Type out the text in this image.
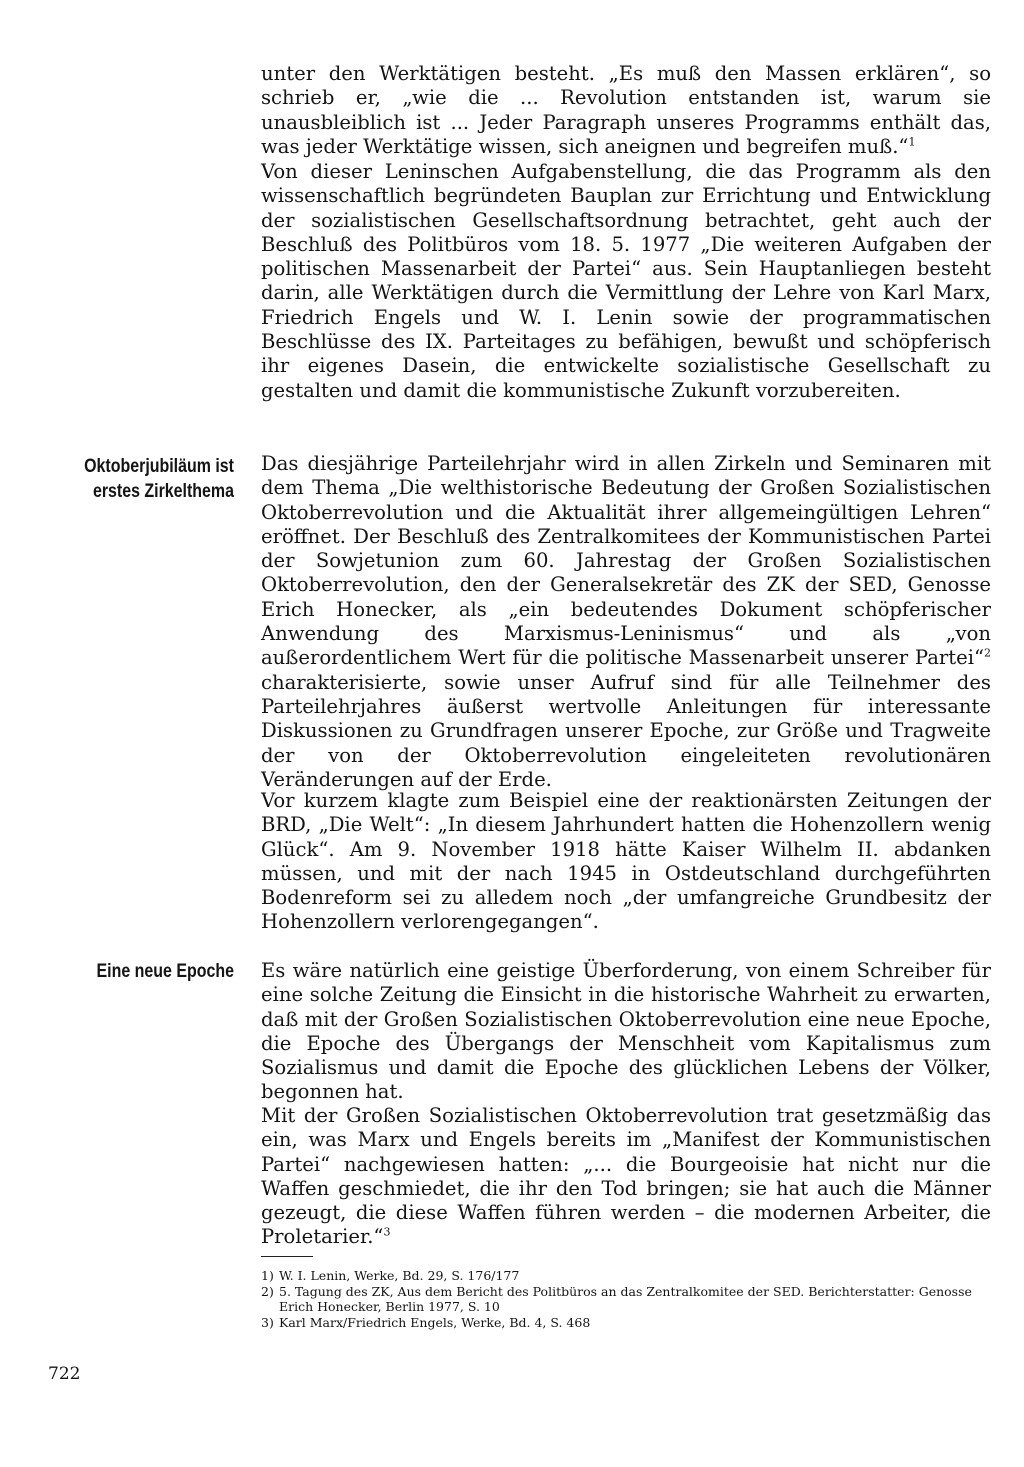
unter den Werktätigen besteht. „Es muß den Massen erklären“, so schrieb er, „wie die ... Revolution entstanden ist, warum sie unausbleiblich ist ... Jeder Paragraph unseres Programms enthält das, was jeder Werktätige wissen, sich aneignen und begreifen muß.“$^1$

Von dieser Leninschen Aufgabenstellung, die das Programm als den wissenschaftlich begründeten Bauplan zur Errichtung und Entwicklung der sozialistischen Gesellschaftsordnung betrachtet, geht auch der Beschluß des Politbüros vom 18. 5. 1977 „Die weiteren Aufgaben der politischen Massenarbeit der Partei“ aus. Sein Hauptanliegen besteht darin, alle Werktätigen durch die Vermittlung der Lehre von Karl Marx, Friedrich Engels und W. I. Lenin sowie der programmatischen Beschlüsse des IX. Parteitages zu befähigen, bewußt und schöpferisch ihr eigenes Dasein, die entwickelte sozialistische Gesellschaft zu gestalten und damit die kommunistische Zukunft vorzubereiten.

Oktoberjubiläum ist erstes Zirkelthema

Das diesjährige Parteilehrjahr wird in allen Zirkeln und Seminaren mit dem Thema „Die welthistorische Bedeutung der Großen Sozialistischen Oktoberrevolution und die Aktualität ihrer allgemeingültigen Lehren“ eröffnet. Der Beschluß des Zentralkomitees der Kommunistischen Partei der Sowjetunion zum 60. Jahrestag der Großen Sozialistischen Oktoberrevolution, den der Generalsekretär des ZK der SED, Genosse Erich Honecker, als „ein bedeutendes Dokument schöpferischer Anwendung des Marxismus-Leninismus“ und als „von außerordentlichem Wert für die politische Massenarbeit unserer Partei“$^2$ charakterisierte, sowie unser Aufruf sind für alle Teilnehmer des Parteilehrjahres äußerst wertvolle Anleitungen für interessante Diskussionen zu Grundfragen unserer Epoche, zur Größe und Tragweite der von der Oktoberrevolution eingeleiteten revolutionären Veränderungen auf der Erde.

Vor kurzem klagte zum Beispiel eine der reaktionärsten Zeitungen der BRD, „Die Welt“: „In diesem Jahrhundert hatten die Hohenzollern wenig Glück“. Am 9. November 1918 hätte Kaiser Wilhelm II. abdanken müssen, und mit der nach 1945 in Ostdeutschland durchgeführten Bodenreform sei zu alledem noch „der umfangreiche Grundbesitz der Hohenzollern verlorengegangen“.

Eine neue Epoche Es wäre natürlich eine geistige Überforderung, von einem Schreiber für eine solche Zeitung die Einsicht in die historische Wahrheit zu erwarten, daß mit der Großen Sozialistischen Oktoberrevolution eine neue Epoche, die Epoche des Übergangs der Menschheit vom Kapitalismus zum Sozialismus und damit die Epoche des glücklichen Lebens der Völker, begonnen hat.

Mit der Großen Sozialistischen Oktoberrevolution trat gesetzmäßig das ein, was Marx und Engels bereits im „Manifest der Kommunistischen Partei“ nachgewiesen hatten: „... die Bourgeoisie hat nicht nur die Waffen geschmiedet, die ihr den Tod bringen; sie hat auch die Männer gezeugt, die diese Waffen führen werden – die modernen Arbeiter, die Proletarier.“$^3$

1) W. I. Lenin, Werke, Bd. 29, S. 176/177
2) 5. Tagung des ZK, Aus dem Bericht des Politbüros an das Zentralkomitee der SED. Berichterstatter: Genosse Erich Honecker, Berlin 1977, S. 10
3) Karl Marx/Friedrich Engels, Werke, Bd. 4, S. 468

722
